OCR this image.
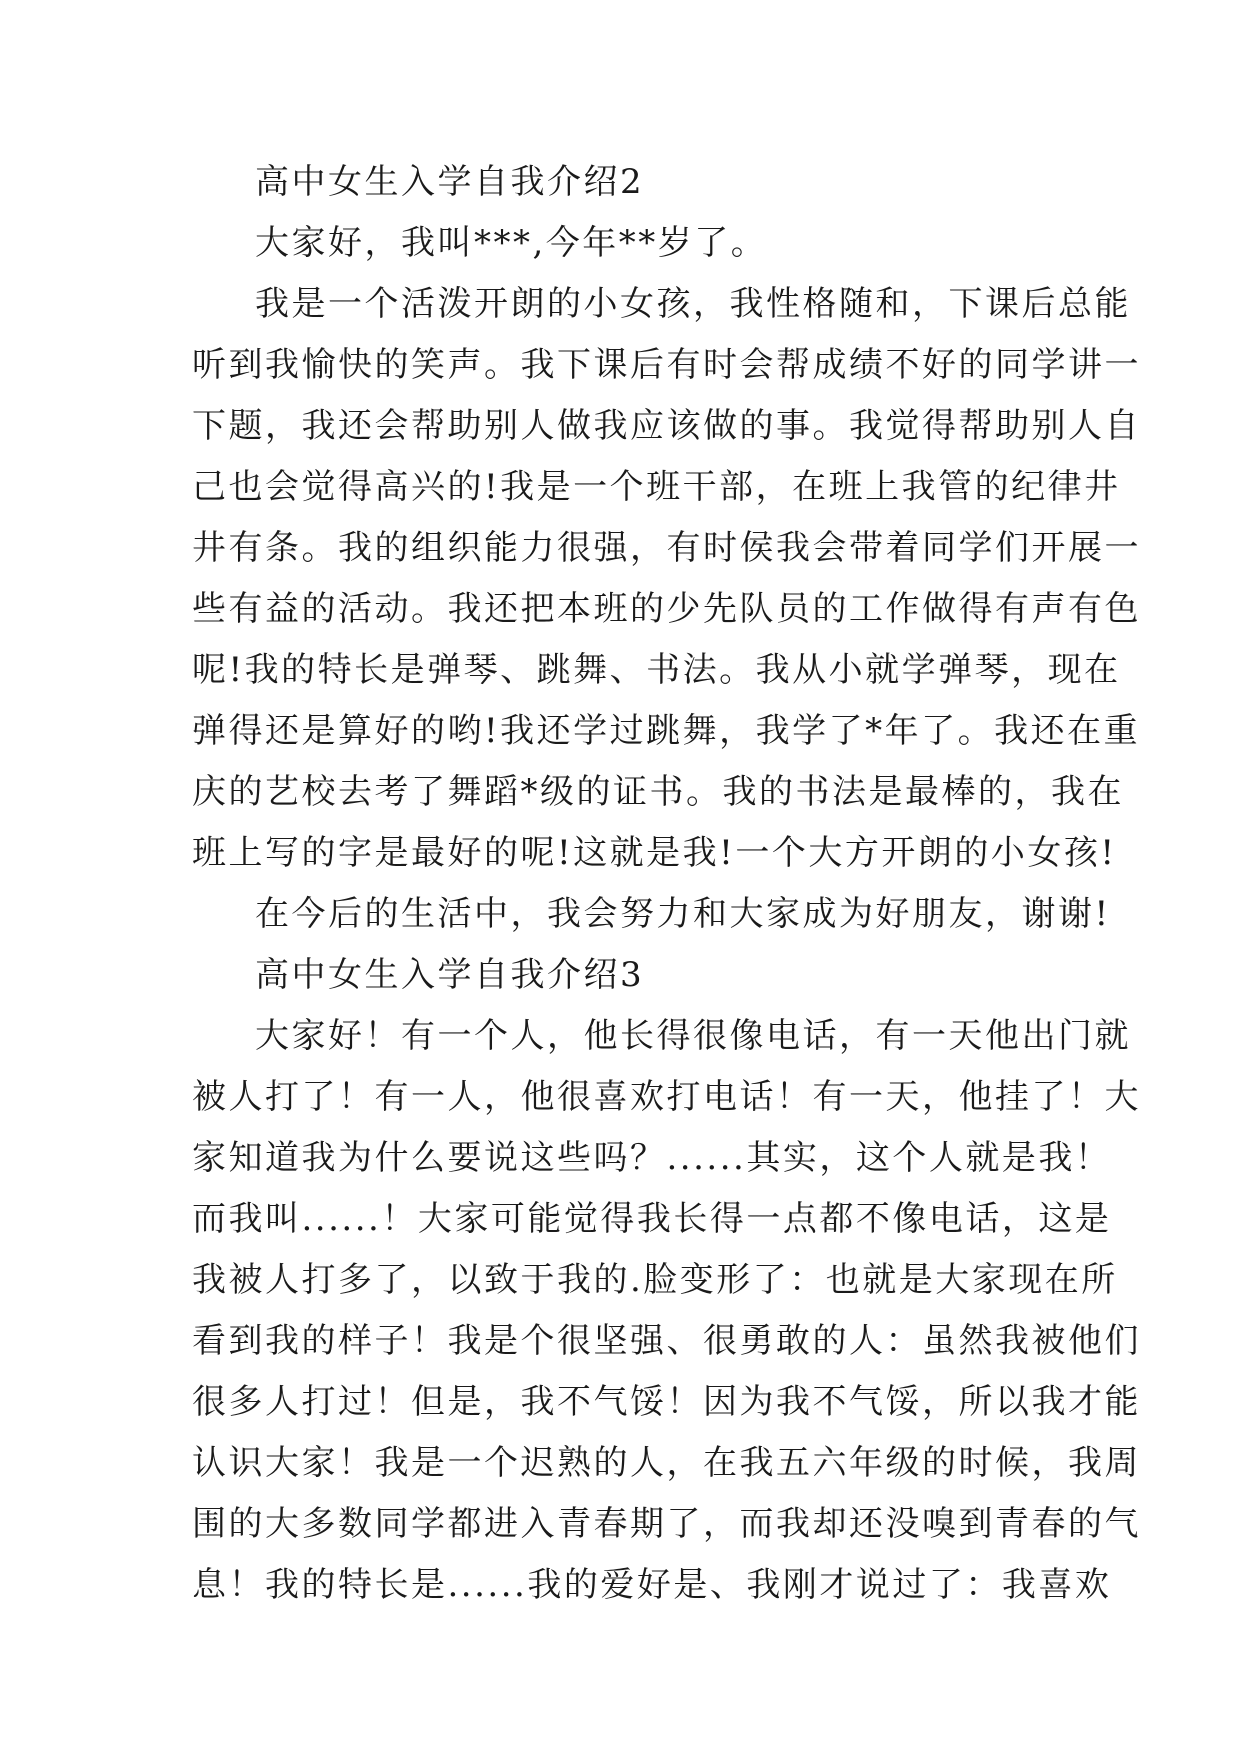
高中女生入学自我介绍2
大家好，我叫***,今年**岁了。
我是一个活泼开朗的小女孩，我性格随和，下课后总能
听到我愉快的笑声。我下课后有时会帮成绩不好的同学讲一
下题，我还会帮助别人做我应该做的事。我觉得帮助别人自
己也会觉得高兴的!我是一个班干部，在班上我管的纪律井
井有条。我的组织能力很强，有时侯我会带着同学们开展一
些有益的活动。我还把本班的少先队员的工作做得有声有色
呢!我的特长是弹琴、跳舞、书法。我从小就学弹琴，现在
弹得还是算好的哟!我还学过跳舞，我学了*年了。我还在重
庆的艺校去考了舞蹈*级的证书。我的书法是最棒的，我在
班上写的字是最好的呢!这就是我!一个大方开朗的小女孩!
在今后的生活中，我会努力和大家成为好朋友，谢谢!
高中女生入学自我介绍3
大家好！有一个人，他长得很像电话，有一天他出门就
被人打了！有一人，他很喜欢打电话！有一天，他挂了！大
家知道我为什么要说这些吗？......其实，这个人就是我！
而我叫......！大家可能觉得我长得一点都不像电话，这是
我被人打多了，以致于我的.脸变形了：也就是大家现在所
看到我的样子！我是个很坚强、很勇敢的人：虽然我被他们
很多人打过！但是，我不气馁！因为我不气馁，所以我才能
认识大家！我是一个迟熟的人，在我五六年级的时候，我周
围的大多数同学都进入青春期了，而我却还没嗅到青春的气
息！我的特长是......我的爱好是、我刚才说过了：我喜欢
